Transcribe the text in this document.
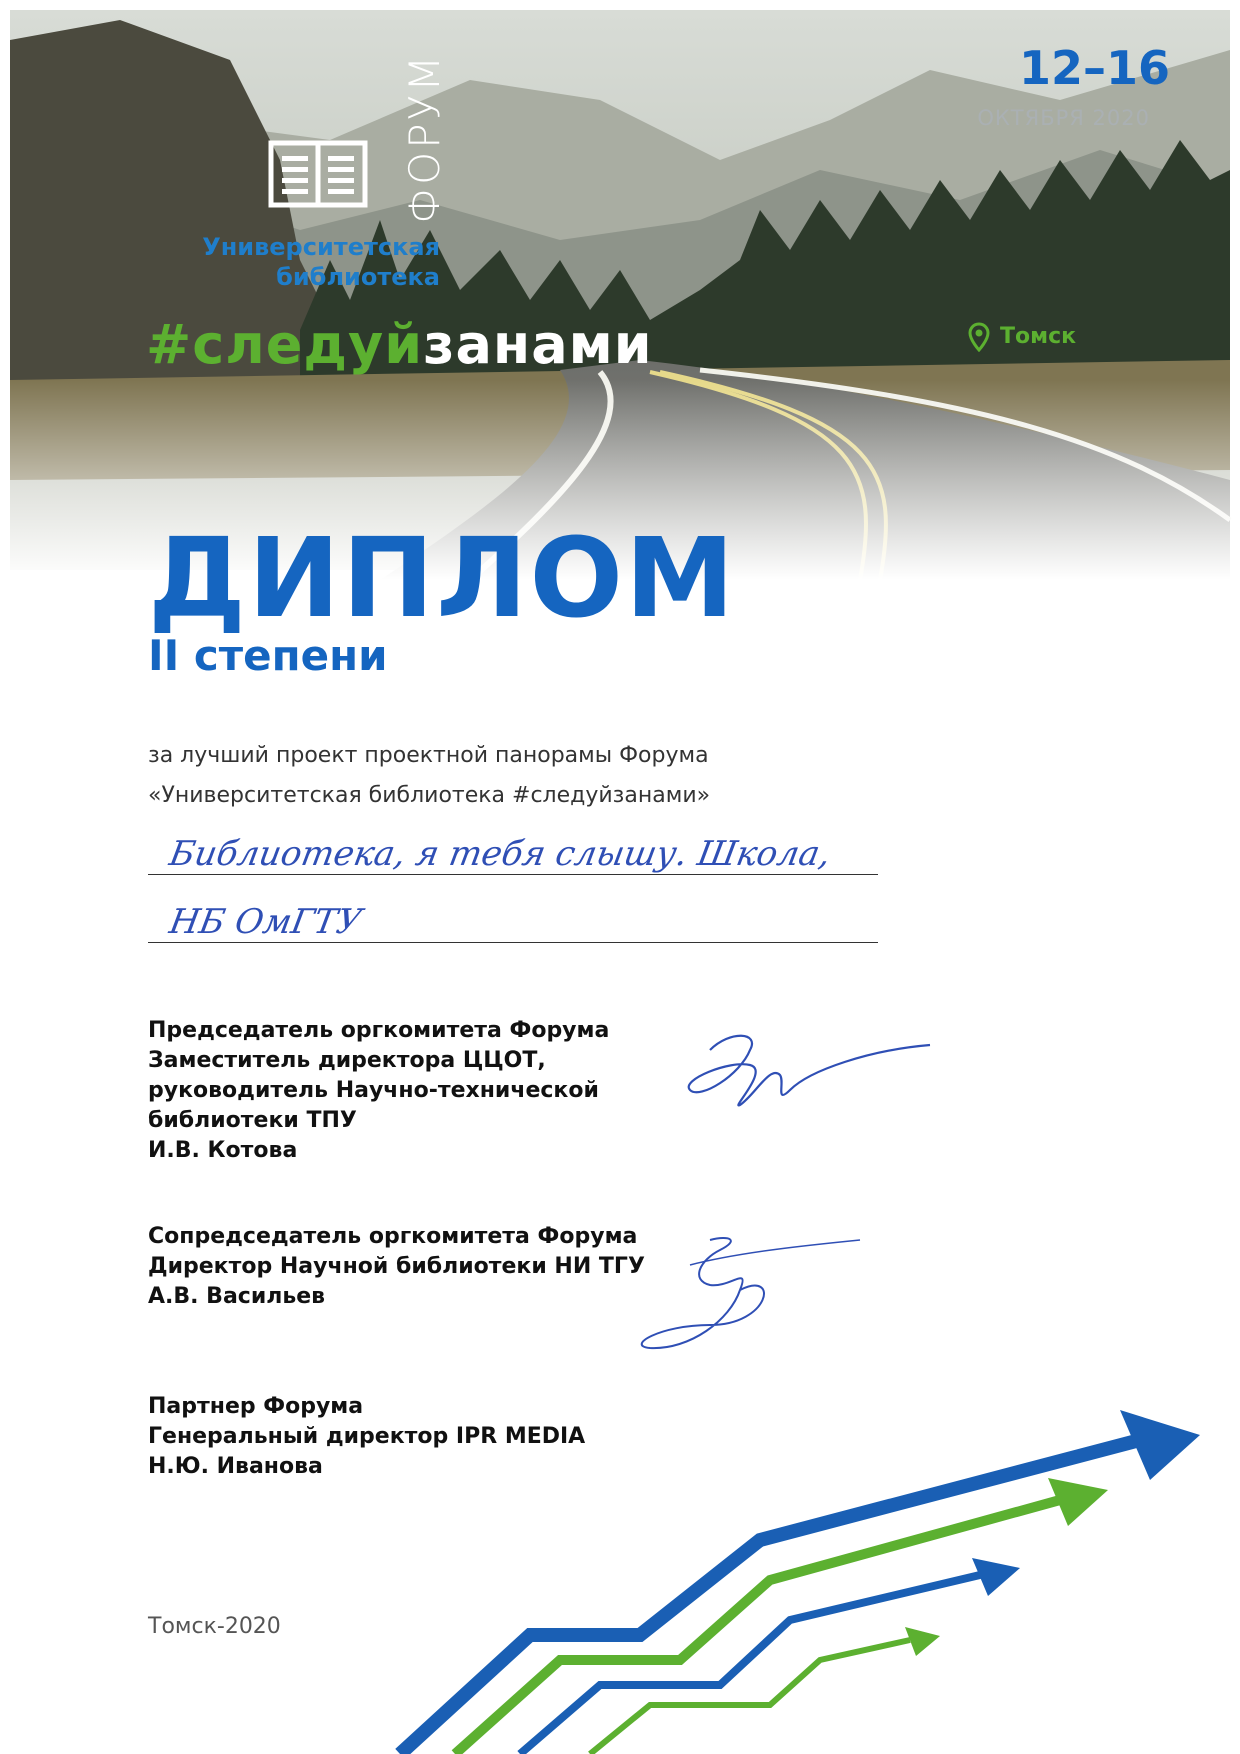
ФОРУМ
Университетская
библиотека
#следуйзанами
12–16
ОКТЯБРЯ 2020
Томск
ДИПЛОМ
II степени
за лучший проект проектной панорамы Форума
«Университетская библиотека #следуйзанами»
Библиотека, я тебя слышу. Школа,
НБ ОмГТУ
Председатель оргкомитета Форума
Заместитель директора ЦЦОТ,
руководитель Научно-технической
библиотеки ТПУ
И.В. Котова
Сопредседатель оргкомитета Форума
Директор Научной библиотеки НИ ТГУ
А.В. Васильев
Партнер Форума
Генеральный директор IPR MEDIA
Н.Ю. Иванова
Томск-2020
